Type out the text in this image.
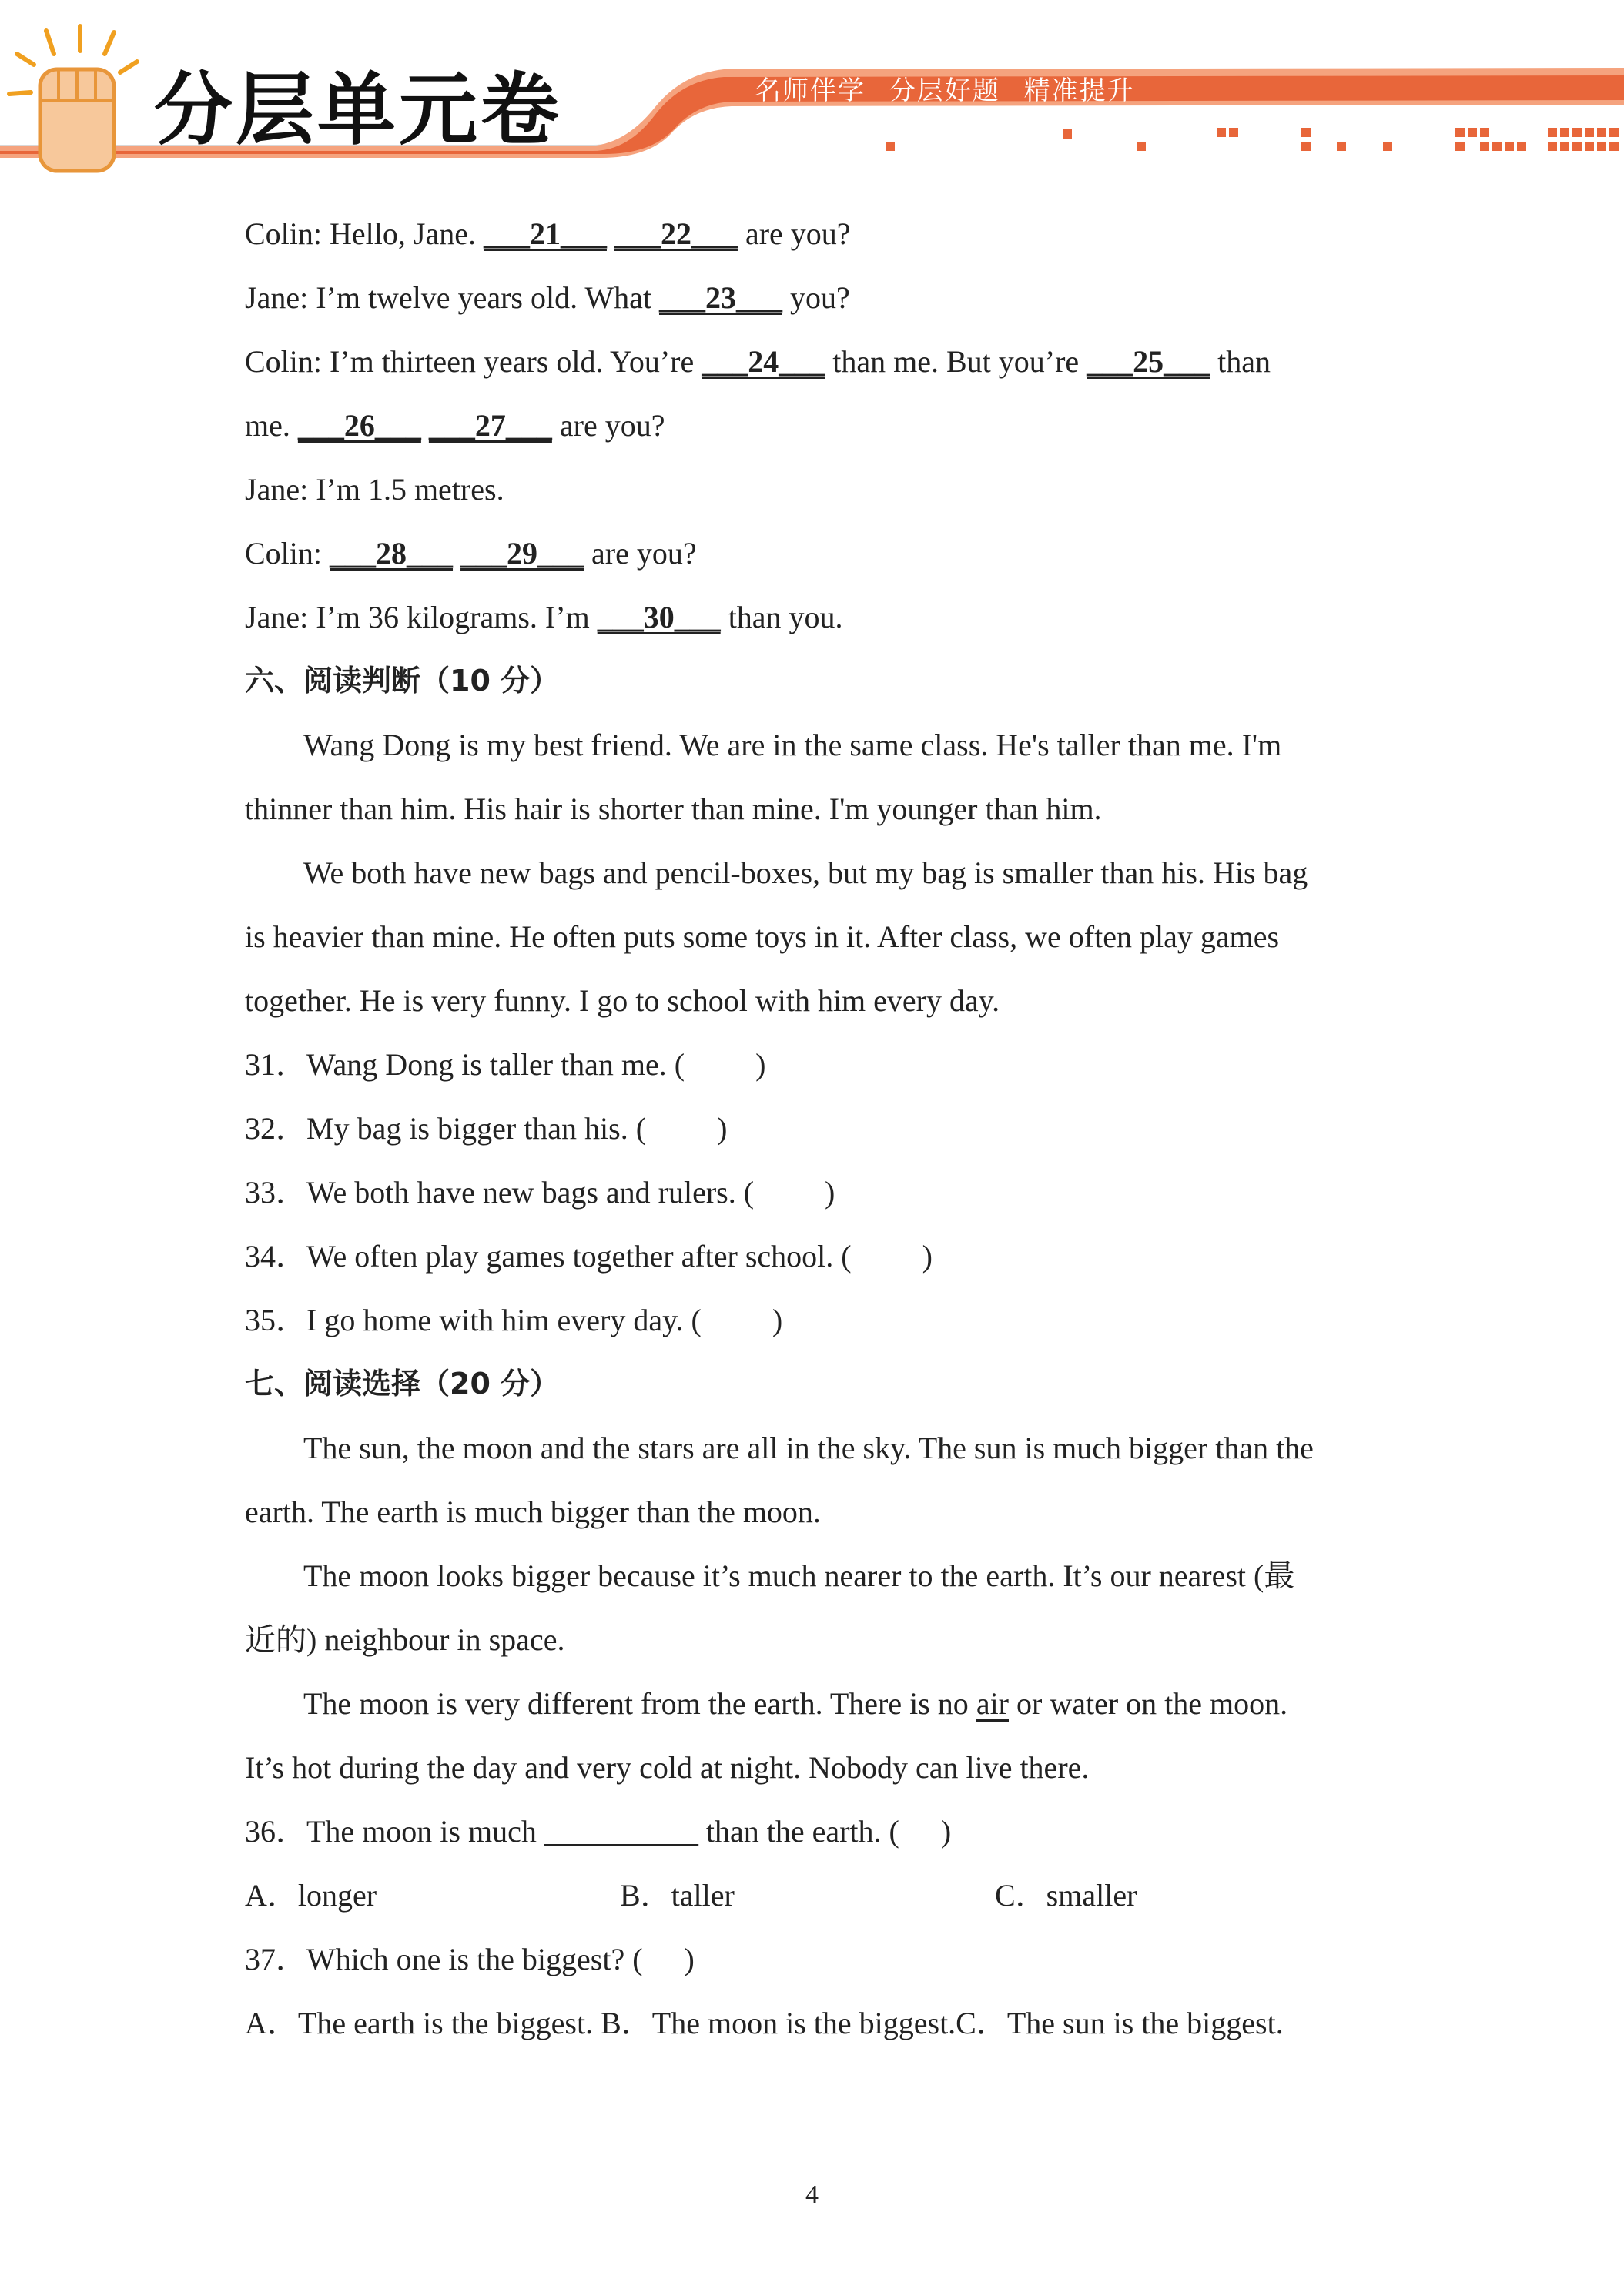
分层单元卷	名师伴学 分层好题 精准提升
Colin: Hello, Jane. ___21___ ___22___ are you?
Jane: I’m twelve years old. What ___23___ you?
Colin: I’m thirteen years old. You’re ___24___ than me. But you’re ___25___ than
me. ___26___ ___27___ are you?
Jane: I’m 1.5 metres.
Colin: ___28___ ___29___ are you?
Jane: I’m 36 kilograms. I’m ___30___ than you.
六、阅读判断（10 分）
Wang Dong is my best friend. We are in the same class. He's taller than me. I'm
thinner than him. His hair is shorter than mine. I'm younger than him.
We both have new bags and pencil-boxes, but my bag is smaller than his. His bag
is heavier than mine. He often puts some toys in it. After class, we often play games
together. He is very funny. I go to school with him every day.
31．Wang Dong is taller than me. ( )
32．My bag is bigger than his. ( )
33．We both have new bags and rulers. ( )
34．We often play games together after school. ( )
35．I go home with him every day. ( )
七、阅读选择（20 分）
The sun, the moon and the stars are all in the sky. The sun is much bigger than the
earth. The earth is much bigger than the moon.
The moon looks bigger because it’s much nearer to the earth. It’s our nearest (最
近的) neighbour in space.
The moon is very different from the earth. There is no air or water on the moon.
It’s hot during the day and very cold at night. Nobody can live there.
36．The moon is much __________ than the earth. ( )
A．longer	B．taller	C．smaller
37．Which one is the biggest? ( )
A．The earth is the biggest. B．The moon is the biggest.C．The sun is the biggest.
4
